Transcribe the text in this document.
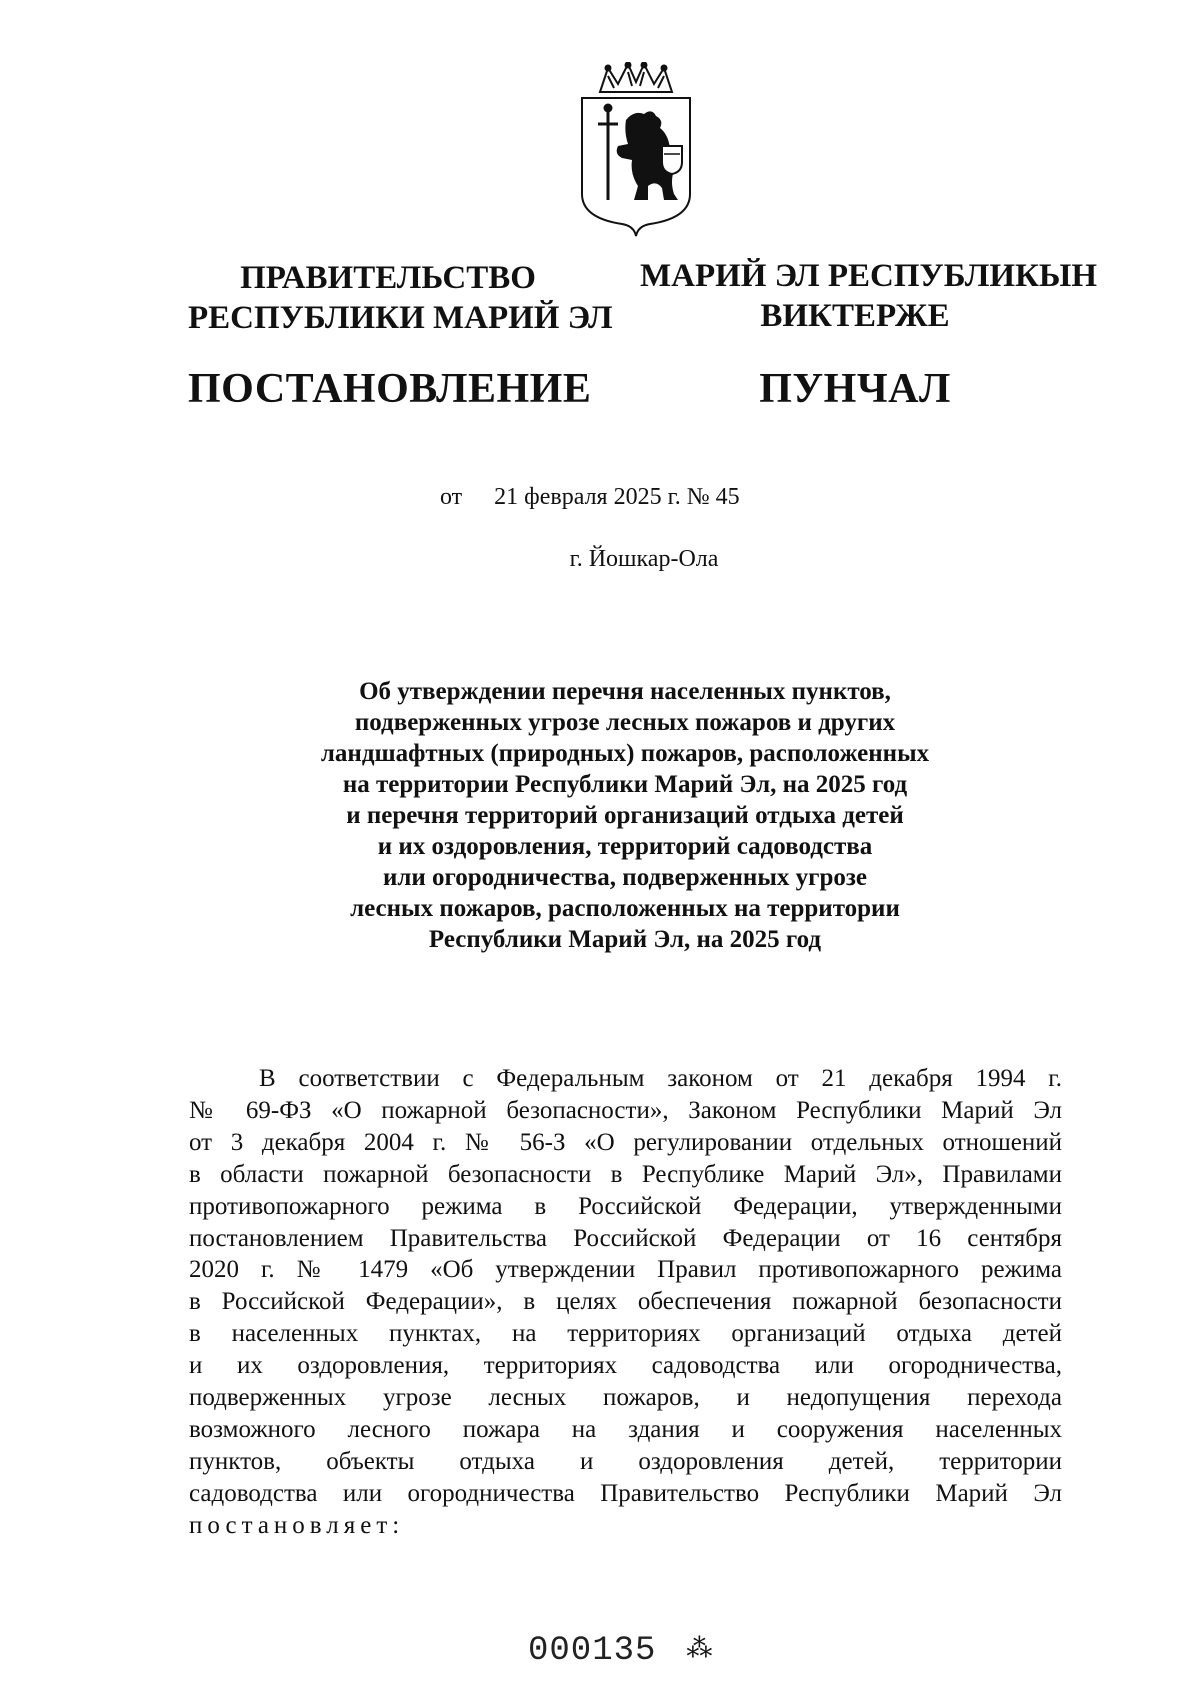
ПРАВИТЕЛЬСТВО
РЕСПУБЛИКИ МАРИЙ ЭЛ
ПОСТАНОВЛЕНИЕ
МАРИЙ ЭЛ РЕСПУБЛИКЫН
ВИКТЕРЖЕ
ПУНЧАЛ
от 21 февраля 2025 г. № 45
г. Йошкар-Ола
Об утверждении перечня населенных пунктов,
подверженных угрозе лесных пожаров и других
ландшафтных (природных) пожаров, расположенных
на территории Республики Марий Эл, на 2025 год
и перечня территорий организаций отдыха детей
и их оздоровления, территорий садоводства
или огородничества, подверженных угрозе
лесных пожаров, расположенных на территории
Республики Марий Эл, на 2025 год
В соответствии с Федеральным законом от 21 декабря 1994 г.
№ 69-ФЗ «О пожарной безопасности», Законом Республики Марий Эл
от 3 декабря 2004 г. № 56-З «О регулировании отдельных отношений
в области пожарной безопасности в Республике Марий Эл», Правилами
противопожарного режима в Российской Федерации, утвержденными
постановлением Правительства Российской Федерации от 16 сентября
2020 г. № 1479 «Об утверждении Правил противопожарного режима
в Российской Федерации», в целях обеспечения пожарной безопасности
в населенных пунктах, на территориях организаций отдыха детей
и их оздоровления, территориях садоводства или огородничества,
подверженных угрозе лесных пожаров, и недопущения перехода
возможного лесного пожара на здания и сооружения населенных
пунктов, объекты отдыха и оздоровления детей, территории
садоводства или огородничества Правительство Республики Марий Эл
постановляет:
000135 ⁂
